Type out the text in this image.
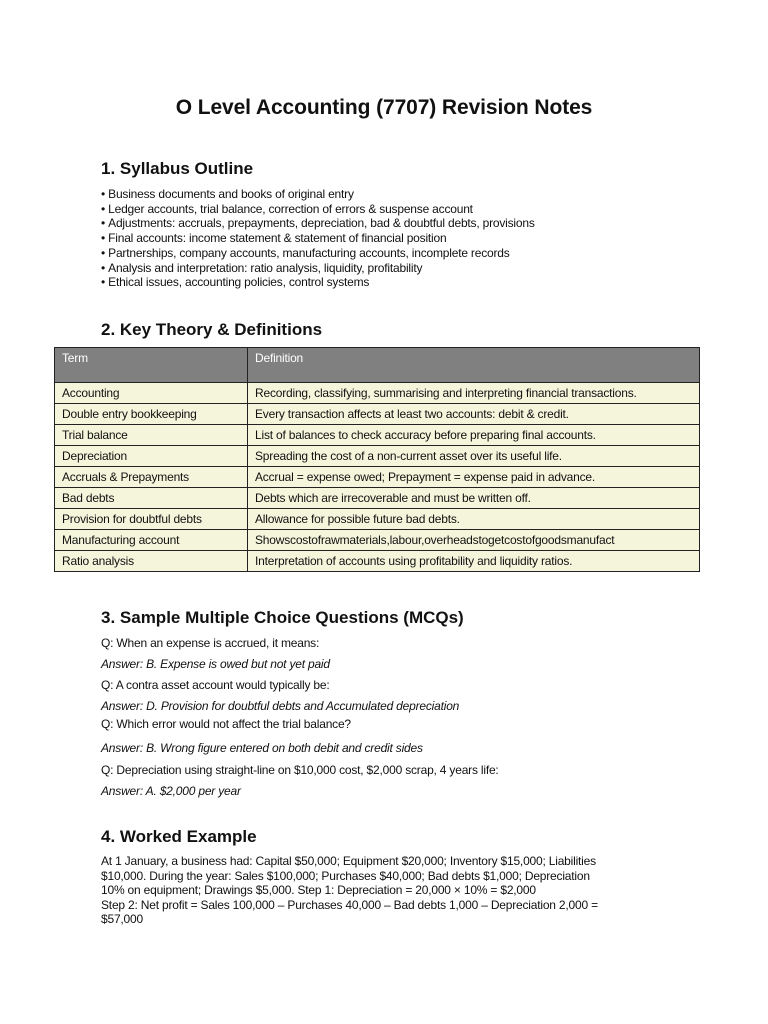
O Level Accounting (7707) Revision Notes
1. Syllabus Outline
• Business documents and books of original entry
• Ledger accounts, trial balance, correction of errors & suspense account
• Adjustments: accruals, prepayments, depreciation, bad & doubtful debts, provisions
• Final accounts: income statement & statement of financial position
• Partnerships, company accounts, manufacturing accounts, incomplete records
• Analysis and interpretation: ratio analysis, liquidity, profitability
• Ethical issues, accounting policies, control systems
2. Key Theory & Definitions
Term	Definition
Accounting	Recording, classifying, summarising and interpreting financial transactions.
Double entry bookkeeping	Every transaction affects at least two accounts: debit & credit.
Trial balance	List of balances to check accuracy before preparing final accounts.
Depreciation	Spreading the cost of a non-current asset over its useful life.
Accruals & Prepayments	Accrual = expense owed; Prepayment = expense paid in advance.
Bad debts	Debts which are irrecoverable and must be written off.
Provision for doubtful debts	Allowance for possible future bad debts.
Manufacturing account	Showscostofrawmaterials,labour,overheadstogetcostofgoodsmanufact
Ratio analysis	Interpretation of accounts using profitability and liquidity ratios.
3. Sample Multiple Choice Questions (MCQs)

Q: When an expense is accrued, it means:

Answer: B. Expense is owed but not yet paid

Q: A contra asset account would typically be:

Answer: D. Provision for doubtful debts and Accumulated depreciation

Q: Which error would not affect the trial balance?

Answer: B. Wrong figure entered on both debit and credit sides

Q: Depreciation using straight-line on $10,000 cost, $2,000 scrap, 4 years life:

Answer: A. $2,000 per year

4. Worked Example
At 1 January, a business had: Capital $50,000; Equipment $20,000; Inventory $15,000; Liabilities $10,000. During the year: Sales $100,000; Purchases $40,000; Bad debts $1,000; Depreciation 10% on equipment; Drawings $5,000. Step 1: Depreciation = 20,000 × 10% = $2,000
Step 2: Net profit = Sales 100,000 – Purchases 40,000 – Bad debts 1,000 – Depreciation 2,000 = $57,000
